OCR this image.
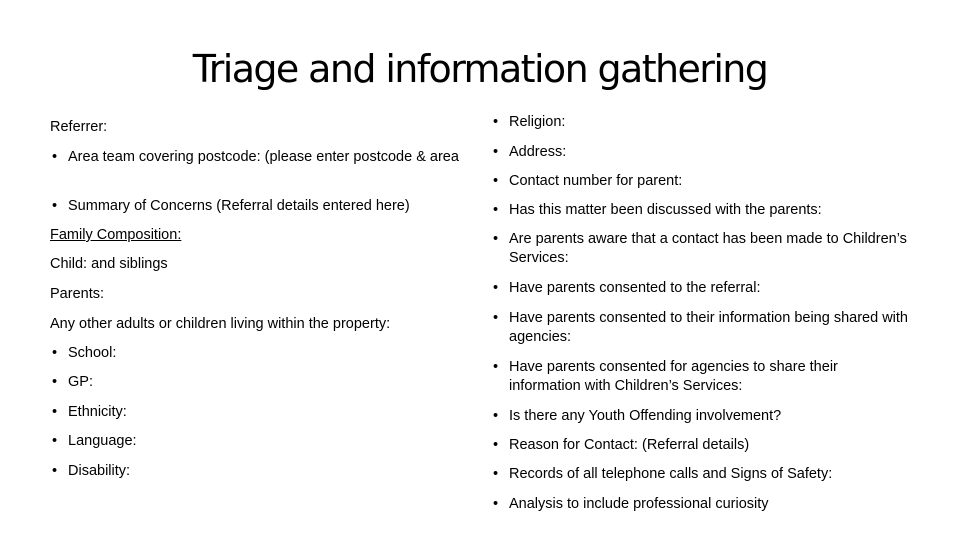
Triage and information gathering
Referrer:
• Area team covering postcode: (please enter postcode & area
• Summary of Concerns (Referral details entered here)
Family Composition:
Child: and siblings
Parents:
Any other adults or children living within the property:
• School:
• GP:
• Ethnicity:
• Language:
• Disability:
• Religion:
• Address:
• Contact number for parent:
• Has this matter been discussed with the parents:
• Are parents aware that a contact has been made to Children’s Services:
• Have parents consented to the referral:
• Have parents consented to their information being shared with agencies:
• Have parents consented for agencies to share their information with Children’s Services:
• Is there any Youth Offending involvement?
• Reason for Contact: (Referral details)
• Records of all telephone calls and Signs of Safety:
• Analysis to include professional curiosity
